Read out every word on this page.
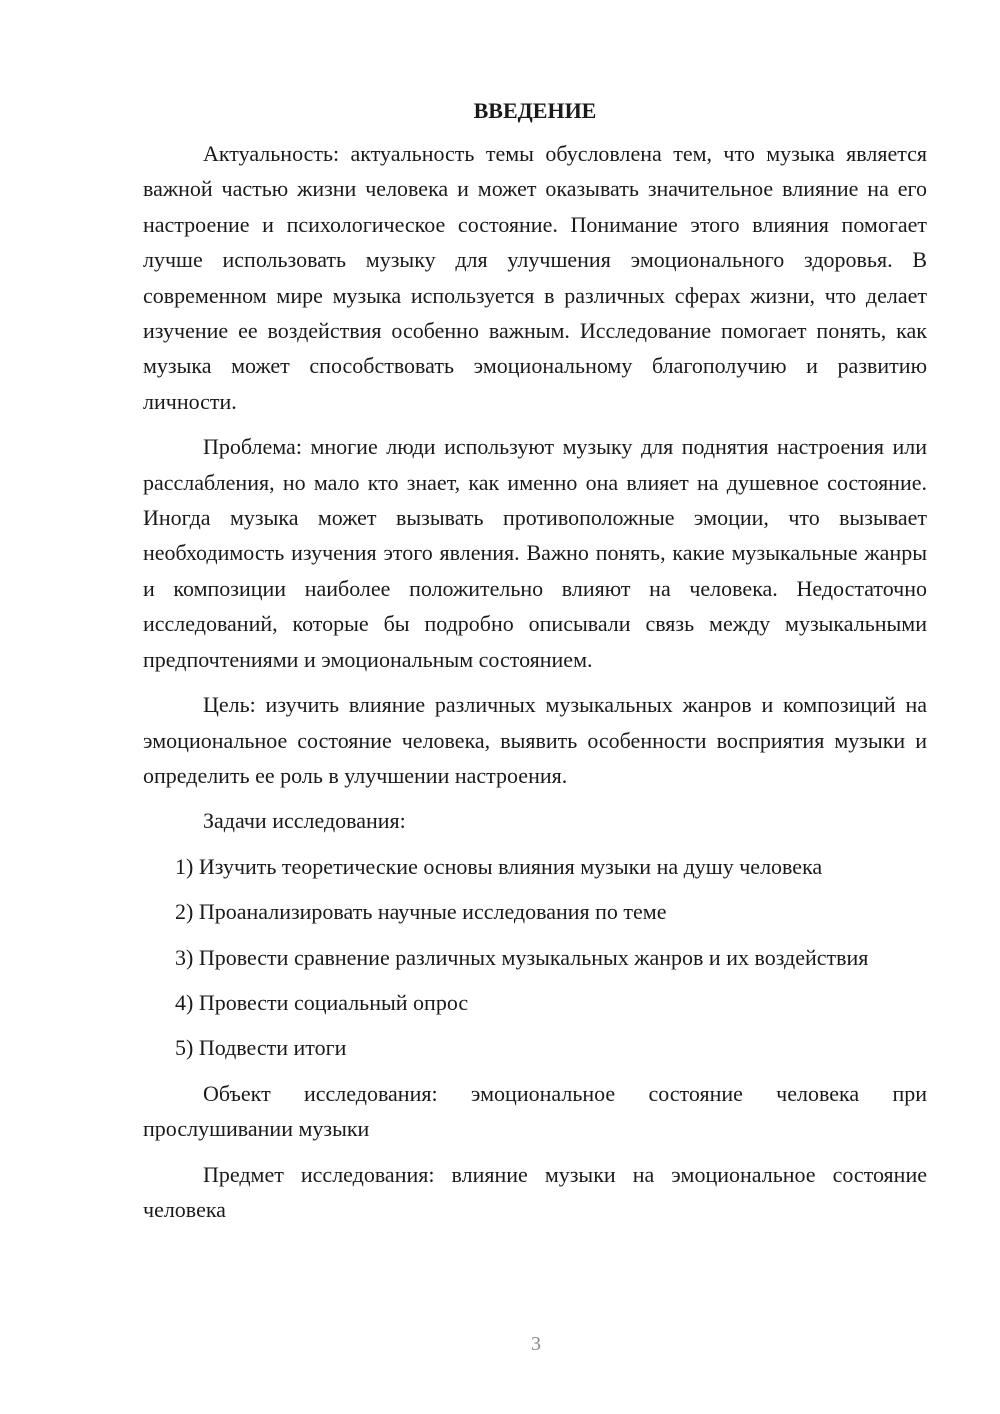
ВВЕДЕНИЕ

Актуальность: актуальность темы обусловлена тем, что музыка является важной частью жизни человека и может оказывать значительное влияние на его настроение и психологическое состояние. Понимание этого влияния помогает лучше использовать музыку для улучшения эмоционального здоровья. В современном мире музыка используется в различных сферах жизни, что делает изучение ее воздействия особенно важным. Исследование помогает понять, как музыка может способствовать эмоциональному благополучию и развитию личности.

Проблема: многие люди используют музыку для поднятия настроения или расслабления, но мало кто знает, как именно она влияет на душевное состояние. Иногда музыка может вызывать противоположные эмоции, что вызывает необходимость изучения этого явления. Важно понять, какие музыкальные жанры и композиции наиболее положительно влияют на человека. Недостаточно исследований, которые бы подробно описывали связь между музыкальными предпочтениями и эмоциональным состоянием.

Цель: изучить влияние различных музыкальных жанров и композиций на эмоциональное состояние человека, выявить особенности восприятия музыки и определить ее роль в улучшении настроения.

Задачи исследования:

1) Изучить теоретические основы влияния музыки на душу человека

2) Проанализировать научные исследования по теме

3) Провести сравнение различных музыкальных жанров и их воздействия

4) Провести социальный опрос

5) Подвести итоги

Объект исследования: эмоциональное состояние человека при прослушивании музыки

Предмет исследования: влияние музыки на эмоциональное состояние человека

3
